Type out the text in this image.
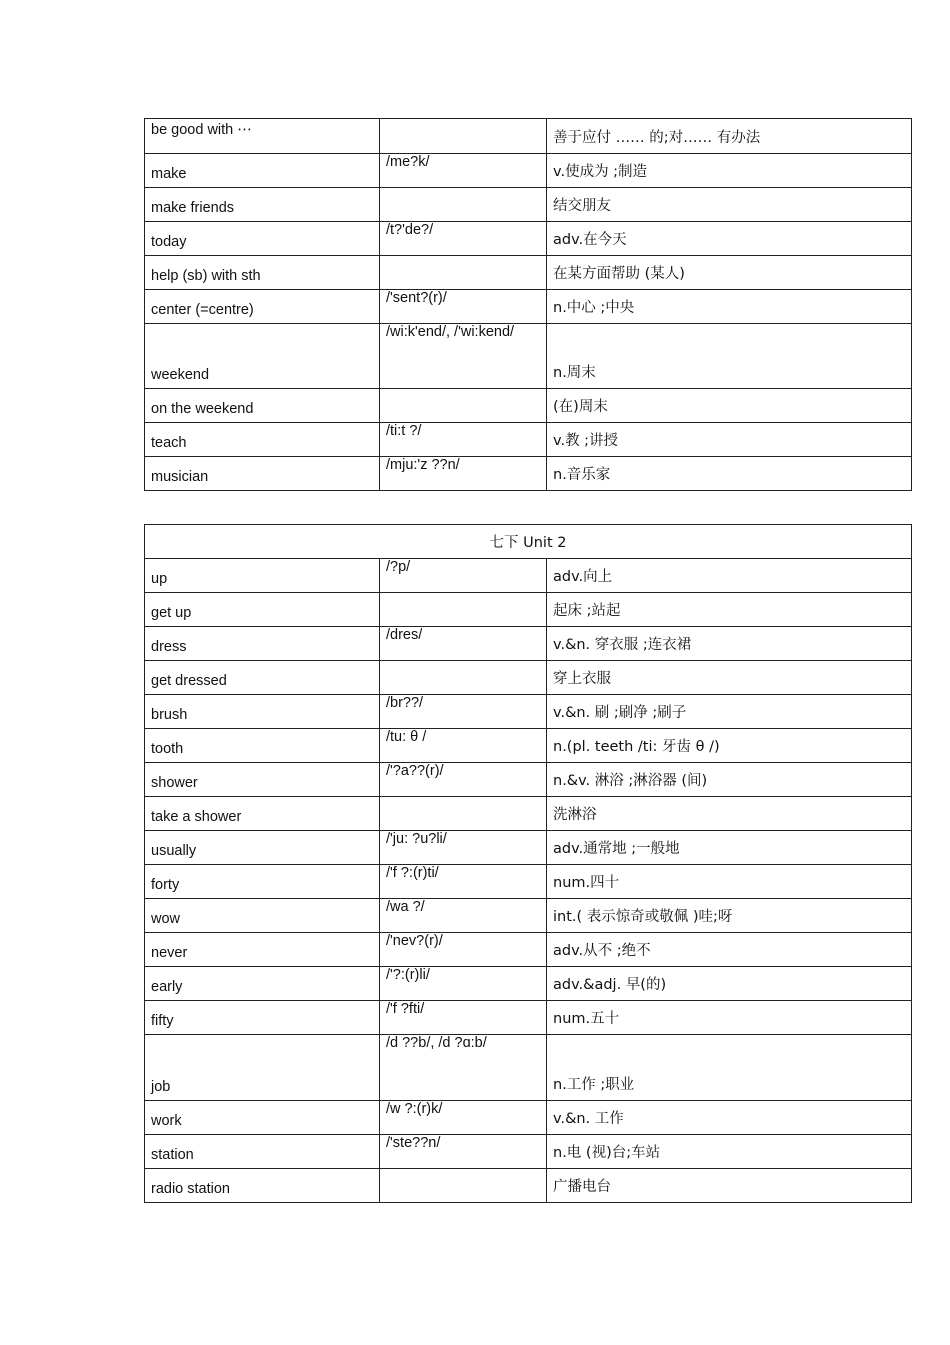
be good with ⋯		善于应付 …… 的;对…… 有办法
make	/me?k/	v.使成为 ;制造
make friends		结交朋友
today	/t?'de?/	adv.在今天
help (sb) with sth		在某方面帮助 (某人)
center (=centre)	/'sent?(r)/	n.中心 ;中央
weekend	/wi:k'end/, /'wi:kend/	n.周末
on the weekend		(在)周末
teach	/ti:t ?/	v.教 ;讲授
musician	/mju:'z ??n/	n.音乐家
七下 Unit 2		
up	/?p/	adv.向上
get up		起床 ;站起
dress	/dres/	v.&n. 穿衣服 ;连衣裙
get dressed		穿上衣服
brush	/br??/	v.&n. 刷 ;刷净 ;刷子
tooth	/tu: θ /	n.(pl. teeth /ti: 牙齿 θ /)
shower	/'?a??(r)/	n.&v. 淋浴 ;淋浴器 (间)
take a shower		洗淋浴
usually	/'ju: ?u?li/	adv.通常地 ;一般地
forty	/'f ?:(r)ti/	num.四十
wow	/wa ?/	int.( 表示惊奇或敬佩 )哇;呀
never	/'nev?(r)/	adv.从不 ;绝不
early	/'?:(r)li/	adv.&adj. 早(的)
fifty	/'f ?fti/	num.五十
job	/d ??b/, /d ?ɑ:b/	n.工作 ;职业
work	/w ?:(r)k/	v.&n. 工作
station	/'ste??n/	n.电 (视)台;车站
radio station		广播电台
